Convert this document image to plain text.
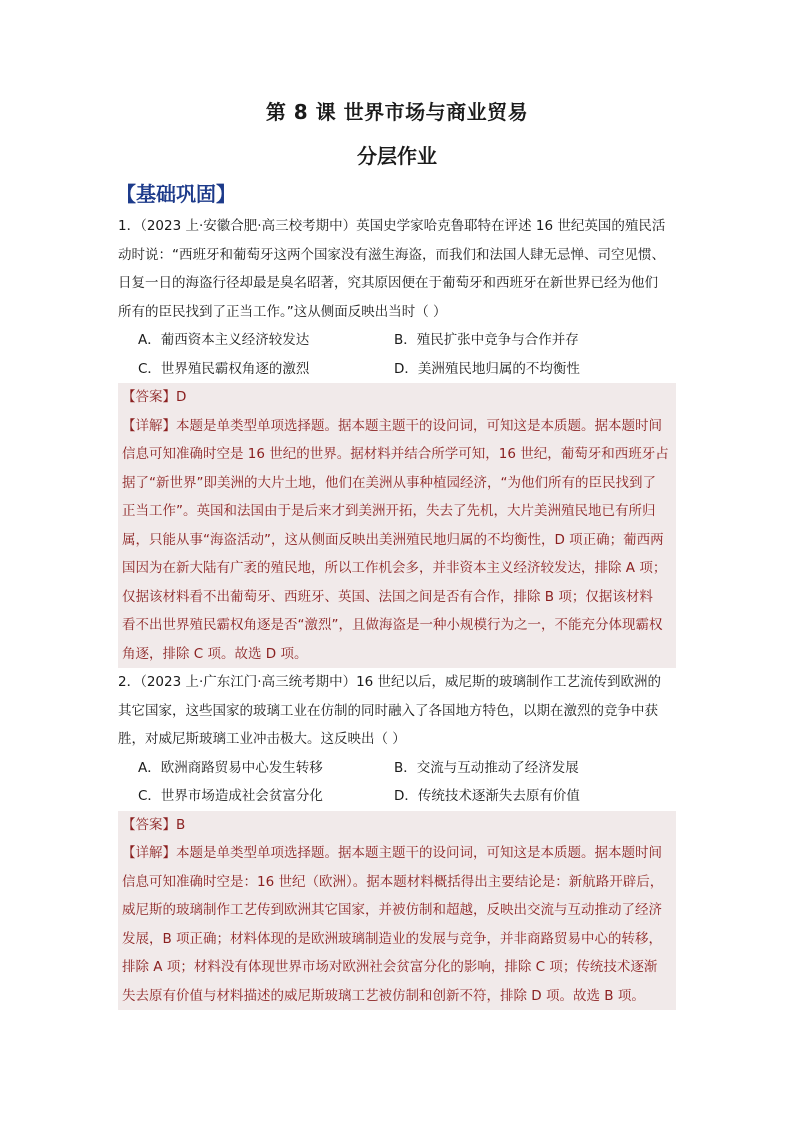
第 8 课 世界市场与商业贸易
分层作业
【基础巩固】
1．（2023 上·安徽合肥·高三校考期中）英国史学家哈克鲁耶特在评述 16 世纪英国的殖民活
动时说：“西班牙和葡萄牙这两个国家没有滋生海盗，而我们和法国人肆无忌惮、司空见惯、
日复一日的海盗行径却最是臭名昭著，究其原因便在于葡萄牙和西班牙在新世界已经为他们
所有的臣民找到了正当工作。”这从侧面反映出当时（ ）
A．葡西资本主义经济较发达	B．殖民扩张中竞争与合作并存
C．世界殖民霸权角逐的激烈	D．美洲殖民地归属的不均衡性
【答案】D
【详解】本题是单类型单项选择题。据本题主题干的设问词，可知这是本质题。据本题时间
信息可知准确时空是 16 世纪的世界。据材料并结合所学可知，16 世纪，葡萄牙和西班牙占
据了“新世界”即美洲的大片土地，他们在美洲从事种植园经济，“为他们所有的臣民找到了
正当工作”。英国和法国由于是后来才到美洲开拓，失去了先机，大片美洲殖民地已有所归
属，只能从事“海盗活动”，这从侧面反映出美洲殖民地归属的不均衡性，D 项正确；葡西两
国因为在新大陆有广袤的殖民地，所以工作机会多，并非资本主义经济较发达，排除 A 项；
仅据该材料看不出葡萄牙、西班牙、英国、法国之间是否有合作，排除 B 项；仅据该材料
看不出世界殖民霸权角逐是否“激烈”，且做海盗是一种小规模行为之一，不能充分体现霸权
角逐，排除 C 项。故选 D 项。
2．（2023 上·广东江门·高三统考期中）16 世纪以后，威尼斯的玻璃制作工艺流传到欧洲的
其它国家，这些国家的玻璃工业在仿制的同时融入了各国地方特色，以期在激烈的竞争中获
胜，对威尼斯玻璃工业冲击极大。这反映出（ ）
A．欧洲商路贸易中心发生转移	B．交流与互动推动了经济发展
C．世界市场造成社会贫富分化	D．传统技术逐渐失去原有价值
【答案】B
【详解】本题是单类型单项选择题。据本题主题干的设问词，可知这是本质题。据本题时间
信息可知准确时空是：16 世纪（欧洲）。据本题材料概括得出主要结论是：新航路开辟后，
威尼斯的玻璃制作工艺传到欧洲其它国家，并被仿制和超越，反映出交流与互动推动了经济
发展，B 项正确；材料体现的是欧洲玻璃制造业的发展与竞争，并非商路贸易中心的转移，
排除 A 项；材料没有体现世界市场对欧洲社会贫富分化的影响，排除 C 项；传统技术逐渐
失去原有价值与材料描述的威尼斯玻璃工艺被仿制和创新不符，排除 D 项。故选 B 项。
